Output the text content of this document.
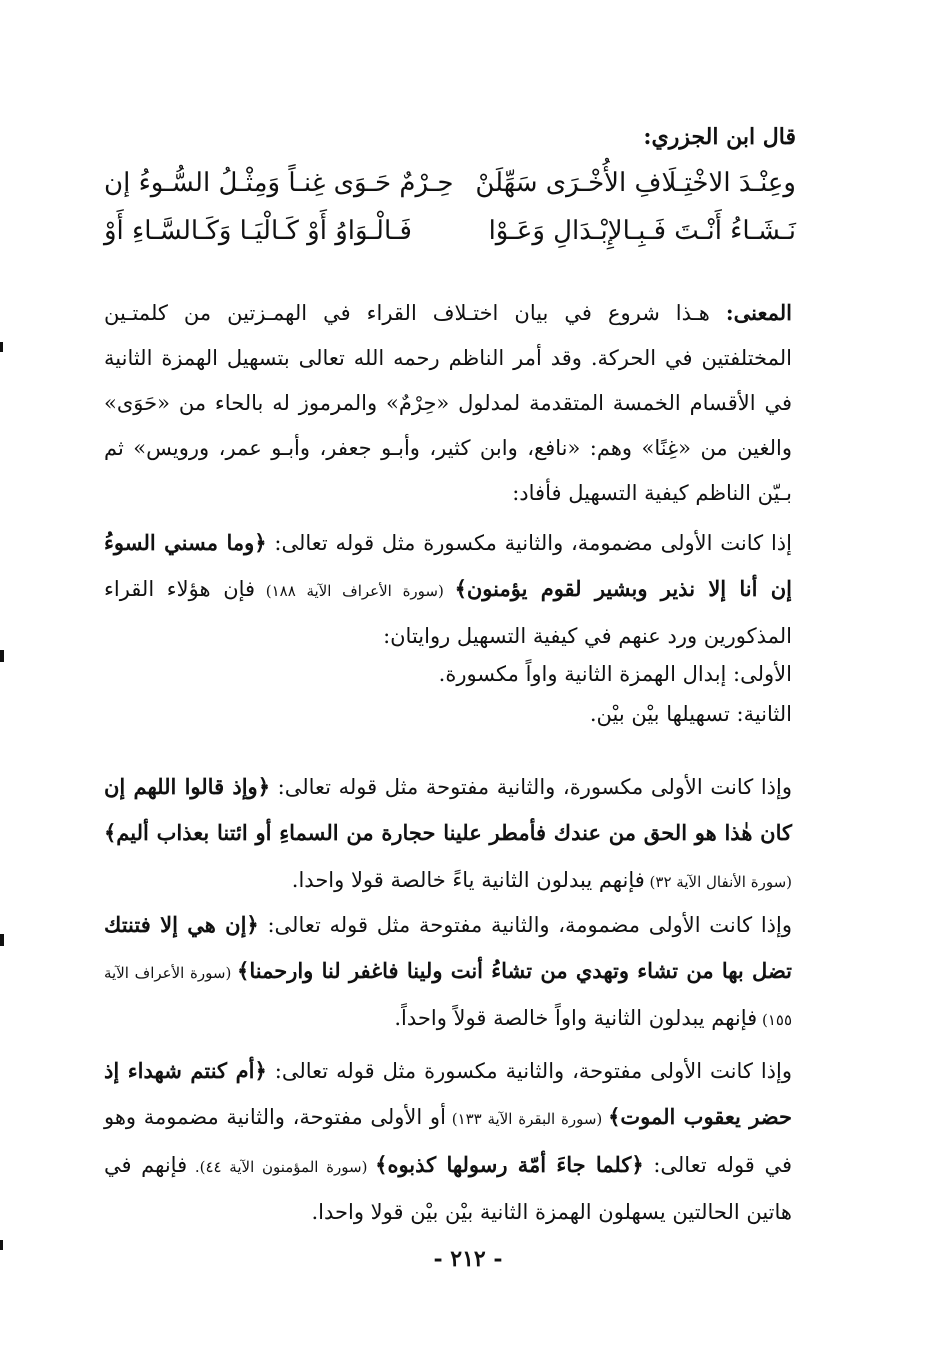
قال ابن الجزري:
وعِنْـدَ الاخْتِـلَافِ الأُخْـرَى سَهِّلَنْ
حِـرْمٌ حَـوَى غِنـاً وَمِثْـلُ السُّـوءُ إن
نَـشَـاءُ أَنْـتَ فَـبِـالإِبْـدَالِ وَعَـوْا
فَـالْـوَاوُ أَوْ كَـالْيَـا وَكَـالسَّـاءِ أَوْ
المعنى: هـذا شروع في بيان اختـلاف القراء في الهمـزتين من كلمتـين المختلفتين في الحركة. وقد أمر الناظم رحمه الله تعالى بتسهيل الهمزة الثانية في الأقسام الخمسة المتقدمة لمدلول «حِرْمٌ» والمرموز له بالحاء من «حَوَى» والغين من «غِنًا» وهم: «نافع، وابن كثير، وأبـو جعفر، وأبـو عمر، ورويس» ثم بـيّن الناظم كيفية التسهيل فأفاد:
إذا كانت الأولى مضمومة، والثانية مكسورة مثل قوله تعالى: ﴿وما مسني السوءُ إن أنا إلا نذير وبشير لقوم يؤمنون﴾ (سورة الأعراف الآية ١٨٨) فإن هؤلاء القراء المذكورين ورد عنهم في كيفية التسهيل روايتان:
الأولى: إبدال الهمزة الثانية واواً مكسورة.
الثانية: تسهيلها بيْن بيْن.
وإذا كانت الأولى مكسورة، والثانية مفتوحة مثل قوله تعالى: ﴿وإذ قالوا اللهم إن كان هٰذا هو الحق من عندك فأمطر علينا حجارة من السماءِ أو ائتنا بعذاب أليم﴾ (سورة الأنفال الآية ٣٢) فإنهم يبدلون الثانية ياءً خالصة قولا واحدا.
وإذا كانت الأولى مضمومة، والثانية مفتوحة مثل قوله تعالى: ﴿إن هي إلا فتنتك تضل بها من تشاء وتهدي من تشاءُ أنت ولينا فاغفر لنا وارحمنا﴾ (سورة الأعراف الآية ١٥٥) فإنهم يبدلون الثانية واواً خالصة قولاً واحداً.
وإذا كانت الأولى مفتوحة، والثانية مكسورة مثل قوله تعالى: ﴿أم كنتم شهداء إذ حضر يعقوب الموت﴾ (سورة البقرة الآية ١٣٣) أو الأولى مفتوحة، والثانية مضمومة وهو في قوله تعالى: ﴿كلما جاءَ أمّة رسولها كذبوه﴾ (سورة المؤمنون الآية ٤٤). فإنهم في هاتين الحالتين يسهلون الهمزة الثانية بيْن بيْن قولا واحدا.
- ٢١٢ -
